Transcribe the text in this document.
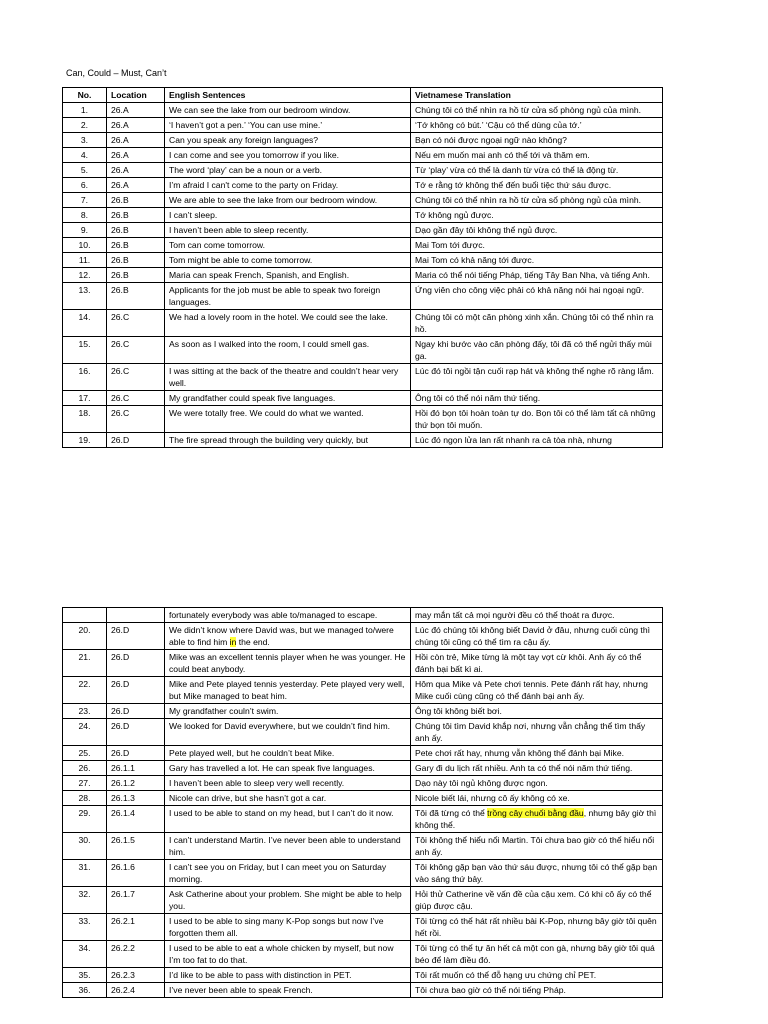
Can, Could – Must, Can’t
No.	Location	English Sentences	Vietnamese Translation
1.	26.A	We can see the lake from our bedroom window.	Chúng tôi có thể nhìn ra hồ từ cửa sổ phòng ngủ của mình.
2.	26.A	‘I haven’t got a pen.’ ‘You can use mine.’	‘Tớ không có bút.’ ‘Cậu có thể dùng của tớ.’
3.	26.A	Can you speak any foreign languages?	Bạn có nói được ngoại ngữ nào không?
4.	26.A	I can come and see you tomorrow if you like.	Nếu em muốn mai anh có thể tới và thăm em.
5.	26.A	The word ‘play’ can be a noun or a verb.	Từ ‘play’ vừa có thể là danh từ vừa có thể là động từ.
6.	26.A	I’m afraid I can't come to the party on Friday.	Tớ e rằng tớ không thể đến buổi tiệc thứ sáu được.
7.	26.B	We are able to see the lake from our bedroom window.	Chúng tôi có thể nhìn ra hồ từ cửa sổ phòng ngủ của mình.
8.	26.B	I can’t sleep.	Tớ không ngủ được.
9.	26.B	I haven’t been able to sleep recently.	Dạo gần đây tôi không thể ngủ được.
10.	26.B	Tom can come tomorrow.	Mai Tom tới được.
11.	26.B	Tom might be able to come tomorrow.	Mai Tom có khả năng tới được.
12.	26.B	Maria can speak French, Spanish, and English.	Maria có thể nói tiếng Pháp, tiếng Tây Ban Nha, và tiếng Anh.
13.	26.B	Applicants for the job must be able to speak two foreign languages.	Ứng viên cho công việc phải có khả năng nói hai ngoại ngữ.
14.	26.C	We had a lovely room in the hotel. We could see the lake.	Chúng tôi có một căn phòng xinh xắn. Chúng tôi có thể nhìn ra hồ.
15.	26.C	As soon as I walked into the room, I could smell gas.	Ngay khi bước vào căn phòng đấy, tôi đã có thể ngửi thấy mùi ga.
16.	26.C	I was sitting at the back of the theatre and couldn’t hear very well.	Lúc đó tôi ngồi tận cuối rạp hát và không thể nghe rõ ràng lắm.
17.	26.C	My grandfather could speak five languages.	Ông tôi có thể nói năm thứ tiếng.
18.	26.C	We were totally free. We could do what we wanted.	Hồi đó bọn tôi hoàn toàn tự do. Bọn tôi có thể làm tất cả những thứ bọn tôi muốn.
19.	26.D	The fire spread through the building very quickly, but	Lúc đó ngọn lửa lan rất nhanh ra cả tòa nhà, nhưng
		fortunately everybody was able to/managed to escape.	may mắn tất cả mọi người đều có thể thoát ra được.
20.	26.D	We didn’t know where David was, but we managed to/were able to find him in the end.	Lúc đó chúng tôi không biết David ở đâu, nhưng cuối cùng thì chúng tôi cũng có thể tìm ra cậu ấy.
21.	26.D	Mike was an excellent tennis player when he was younger. He could beat anybody.	Hồi còn trẻ, Mike từng là một tay vợt cừ khôi. Anh ấy có thể đánh bại bất kì ai.
22.	26.D	Mike and Pete played tennis yesterday. Pete played very well, but Mike managed to beat him.	Hôm qua Mike và Pete chơi tennis. Pete đánh rất hay, nhưng Mike cuối cùng cũng có thể đánh bại anh ấy.
23.	26.D	My grandfather couln’t swim.	Ông tôi không biết bơi.
24.	26.D	We looked for David everywhere, but we couldn’t find him.	Chúng tôi tìm David khắp nơi, nhưng vẫn chẳng thể tìm thấy anh ấy.
25.	26.D	Pete played well, but he couldn’t beat Mike.	Pete chơi rất hay, nhưng vẫn không thể đánh bại Mike.
26.	26.1.1	Gary has travelled a lot. He can speak five languages.	Gary đi du lịch rất nhiều. Anh ta có thể nói năm thứ tiếng.
27.	26.1.2	I haven’t been able to sleep very well recently.	Dạo này tôi ngủ không được ngon.
28.	26.1.3	Nicole can drive, but she hasn’t got a car.	Nicole biết lái, nhưng cô ấy không có xe.
29.	26.1.4	I used to be able to stand on my head, but I can’t do it now.	Tôi đã từng có thể trồng cây chuối bằng đầu, nhưng bây giờ thì không thể.
30.	26.1.5	I can’t understand Martin. I’ve never been able to understand him.	Tôi không thể hiểu nổi Martin. Tôi chưa bao giờ có thể hiểu nổi anh ấy.
31.	26.1.6	I can’t see you on Friday, but I can meet you on Saturday morning.	Tôi không gặp bạn vào thứ sáu được, nhưng tôi có thể gặp bạn vào sáng thứ bảy.
32.	26.1.7	Ask Catherine about your problem. She might be able to help you.	Hỏi thử Catherine về vấn đề của cậu xem. Có khi cô ấy có thể giúp được cậu.
33.	26.2.1	I used to be able to sing many K-Pop songs but now I’ve forgotten them all.	Tôi từng có thể hát rất nhiều bài K-Pop, nhưng bây giờ tôi quên hết rồi.
34.	26.2.2	I used to be able to eat a whole chicken by myself, but now I’m too fat to do that.	Tôi từng có thể tự ăn hết cả một con gà, nhưng bây giờ tôi quá béo để làm điều đó.
35.	26.2.3	I’d like to be able to pass with distinction in PET.	Tôi rất muốn có thể đỗ hạng ưu chứng chỉ PET.
36.	26.2.4	I’ve never been able to speak French.	Tôi chưa bao giờ có thể nói tiếng Pháp.
